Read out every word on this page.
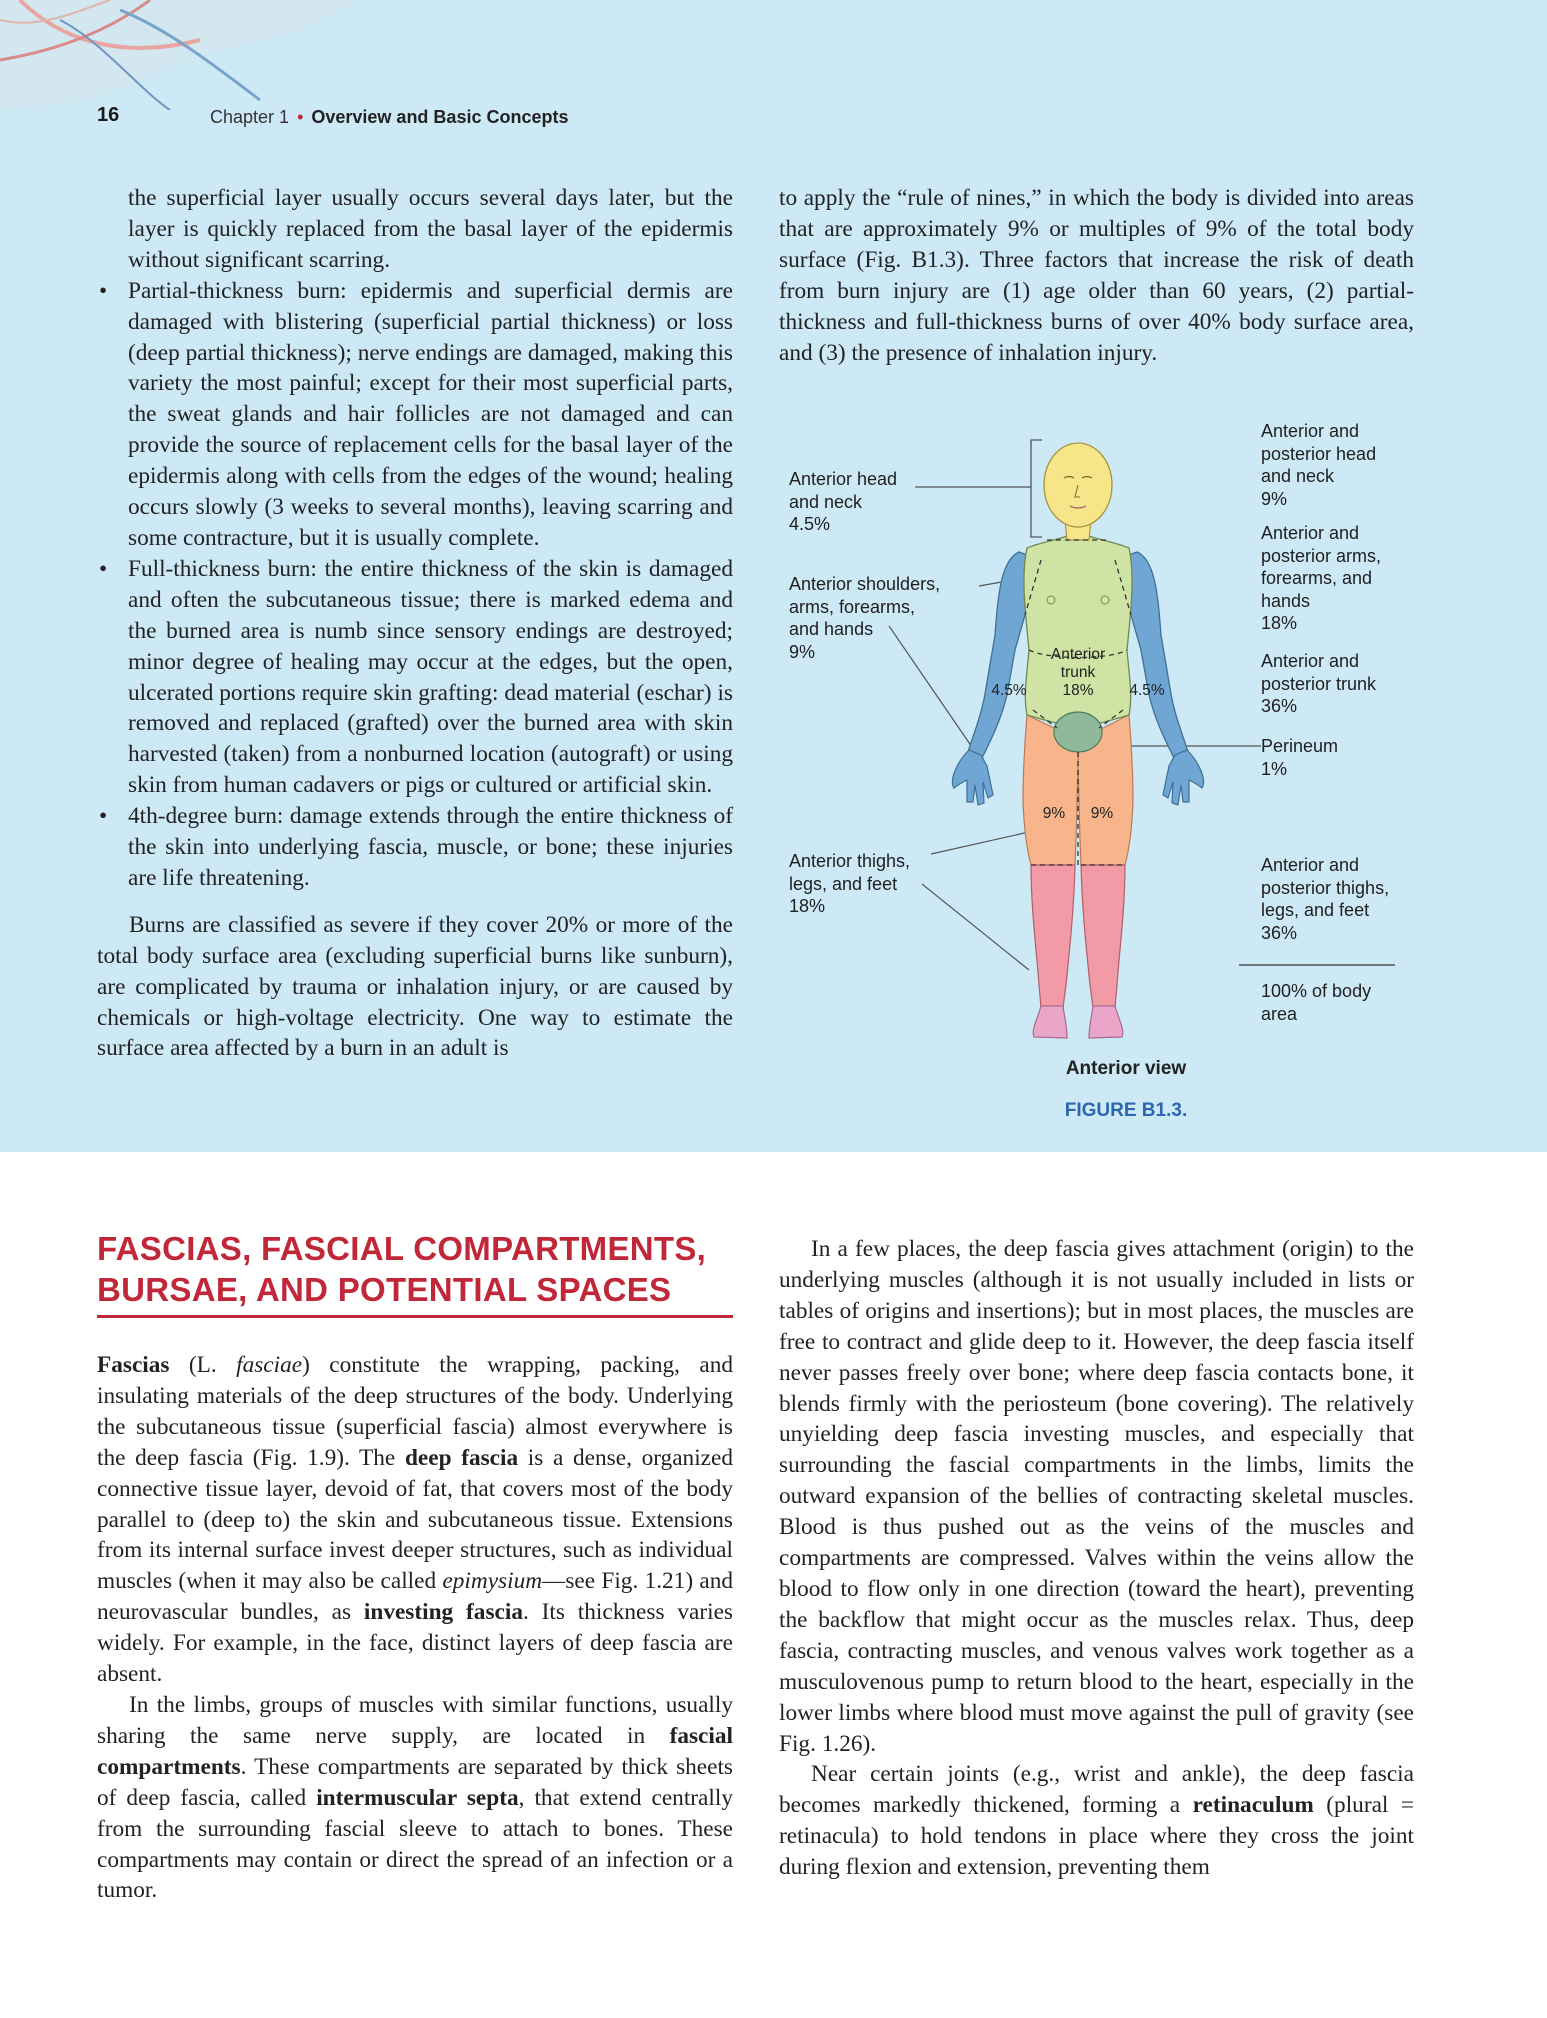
16	Chapter 1 • Overview and Basic Concepts

the superficial layer usually occurs several days later, but the layer is quickly replaced from the basal layer of the epidermis without significant scarring.

• Partial-thickness burn: epidermis and superficial dermis are damaged with blistering (superficial partial thickness) or loss (deep partial thickness); nerve endings are damaged, making this variety the most painful; except for their most superficial parts, the sweat glands and hair follicles are not damaged and can provide the source of replacement cells for the basal layer of the epidermis along with cells from the edges of the wound; healing occurs slowly (3 weeks to several months), leaving scarring and some contracture, but it is usually complete.
• Full-thickness burn: the entire thickness of the skin is damaged and often the subcutaneous tissue; there is marked edema and the burned area is numb since sensory endings are destroyed; minor degree of healing may occur at the edges, but the open, ulcerated portions require skin grafting: dead material (eschar) is removed and replaced (grafted) over the burned area with skin harvested (taken) from a nonburned location (autograft) or using skin from human cadavers or pigs or cultured or artificial skin.
• 4th-degree burn: damage extends through the entire thickness of the skin into underlying fascia, muscle, or bone; these injuries are life threatening.

Burns are classified as severe if they cover 20% or more of the total body surface area (excluding superficial burns like sunburn), are complicated by trauma or inhalation injury, or are caused by chemicals or high-voltage electricity. One way to estimate the surface area affected by a burn in an adult is

to apply the “rule of nines,” in which the body is divided into areas that are approximately 9% or multiples of 9% of the total body surface (Fig. B1.3). Three factors that increase the risk of death from burn injury are (1) age older than 60 years, (2) partial-thickness and full-thickness burns of over 40% body surface area, and (3) the presence of inhalation injury.

Anterior head
and neck
4.5%
Anterior shoulders,
arms, forearms,
and hands
9%
Anterior thighs,
legs, and feet
18%
Anterior and
posterior head
and neck
9%
Anterior and
posterior arms,
forearms, and
hands
18%
Anterior and
posterior trunk
36%
Perineum
1%
Anterior and
posterior thighs,
legs, and feet
36%
100% of body
area
Anterior
trunk
18%
4.5%	4.5%
9%	9%
Anterior view
FIGURE B1.3.
FASCIAS, FASCIAL COMPARTMENTS, BURSAE, AND POTENTIAL SPACES

Fascias (L. fasciae) constitute the wrapping, packing, and insulating materials of the deep structures of the body. Underlying the subcutaneous tissue (superficial fascia) almost everywhere is the deep fascia (Fig. 1.9). The deep fascia is a dense, organized connective tissue layer, devoid of fat, that covers most of the body parallel to (deep to) the skin and subcutaneous tissue. Extensions from its internal surface invest deeper structures, such as individual muscles (when it may also be called epimysium—see Fig. 1.21) and neurovascular bundles, as investing fascia. Its thickness varies widely. For example, in the face, distinct layers of deep fascia are absent.

In the limbs, groups of muscles with similar functions, usually sharing the same nerve supply, are located in fascial compartments. These compartments are separated by thick sheets of deep fascia, called intermuscular septa, that extend centrally from the surrounding fascial sleeve to attach to bones. These compartments may contain or direct the spread of an infection or a tumor.

In a few places, the deep fascia gives attachment (origin) to the underlying muscles (although it is not usually included in lists or tables of origins and insertions); but in most places, the muscles are free to contract and glide deep to it. However, the deep fascia itself never passes freely over bone; where deep fascia contacts bone, it blends firmly with the periosteum (bone covering). The relatively unyielding deep fascia investing muscles, and especially that surrounding the fascial compartments in the limbs, limits the outward expansion of the bellies of contracting skeletal muscles. Blood is thus pushed out as the veins of the muscles and compartments are compressed. Valves within the veins allow the blood to flow only in one direction (toward the heart), preventing the backflow that might occur as the muscles relax. Thus, deep fascia, contracting muscles, and venous valves work together as a musculovenous pump to return blood to the heart, especially in the lower limbs where blood must move against the pull of gravity (see Fig. 1.26).

Near certain joints (e.g., wrist and ankle), the deep fascia becomes markedly thickened, forming a retinaculum (plural = retinacula) to hold tendons in place where they cross the joint during flexion and extension, preventing them
